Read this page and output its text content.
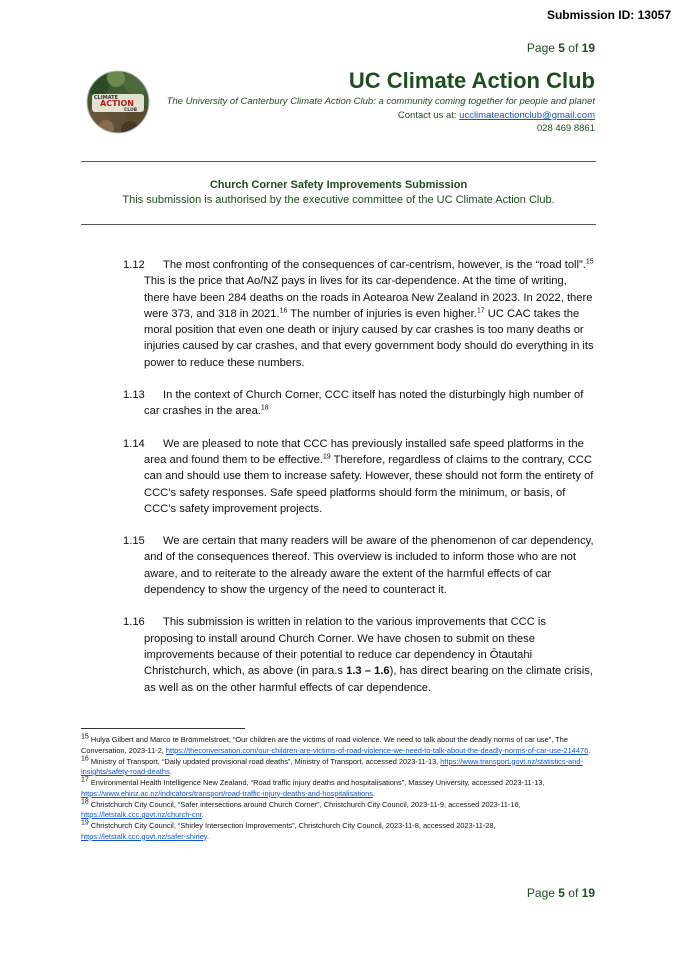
Submission ID: 13057
Page 5 of 19
CLIMATE
ACTION
CLUB
UC Climate Action Club
The University of Canterbury Climate Action Club: a community coming together for people and planet
Contact us at: ucclimateactionclub@gmail.com
028 469 8861
Church Corner Safety Improvements Submission
This submission is authorised by the executive committee of the UC Climate Action Club.

1.12 The most confronting of the consequences of car-centrism, however, is the “road toll”.$^{15}$ This is the price that Ao/NZ pays in lives for its car-dependence. At the time of writing, there have been 284 deaths on the roads in Aotearoa New Zealand in 2023. In 2022, there were 373, and 318 in 2021.16 The number of injuries is even higher.$^{17}$ UC CAC takes the moral position that even one death or injury caused by car crashes is too many deaths or injuries caused by car crashes, and that every government body should do everything in its power to reduce these numbers.

1.13 In the context of Church Corner, CCC itself has noted the disturbingly high number of car crashes in the area.$^{18}$

1.14 We are pleased to note that CCC has previously installed safe speed platforms in the area and found them to be effective.$^{19}$ Therefore, regardless of claims to the contrary, CCC can and should use them to increase safety. However, these should not form the entirety of CCC’s safety responses. Safe speed platforms should form the minimum, or basis, of CCC’s safety improvement projects.

1.15 We are certain that many readers will be aware of the phenomenon of car dependency, and of the consequences thereof. This overview is included to inform those who are not aware, and to reiterate to the already aware the extent of the harmful effects of car dependency to show the urgency of the need to counteract it.

1.16 This submission is written in relation to the various improvements that CCC is proposing to install around Church Corner. We have chosen to submit on these improvements because of their potential to reduce car dependency in Ōtautahi Christchurch, which, as above (in para.s 1.3 – 1.6), has direct bearing on the climate crisis, as well as on the other harmful effects of car dependence.

$^{15}$ Hulya Gilbert and Marco te Brömmelstroet, “Our children are the victims of road violence. We need to talk about the deadly norms of car use”, The Conversation, 2023-11-2, https://theconversation.com/our-children-are-victims-of-road-violence-we-need-to-talk-about-the-deadly-norms-of-car-use-214476.

$^{16}$ Ministry of Transport, “Daily updated provisional road deaths”, Ministry of Transport, accessed 2023-11-13, https://www.transport.govt.nz/statistics-and-insights/safety-road-deaths.

$^{17}$ Environmental Health Intelligence New Zealand, “Road traffic injury deaths and hospitalisations”, Massey University, accessed 2023-11-13, https://www.ehinz.ac.nz/indicators/transport/road-traffic-injury-deaths-and-hospitalisations.

$^{18}$ Christchurch City Council, “Safer intersections around Church Corner”, Christchurch City Council, 2023-11-9, accessed 2023-11-16, https://letstalk.ccc.govt.nz/church-cnr.

$^{19}$ Christchurch City Council, “Shirley Intersection Improvements”, Christchurch City Council, 2023-11-8, accessed 2023-11-28, https://letstalk.ccc.govt.nz/safer-shirley.

Page 5 of 19
